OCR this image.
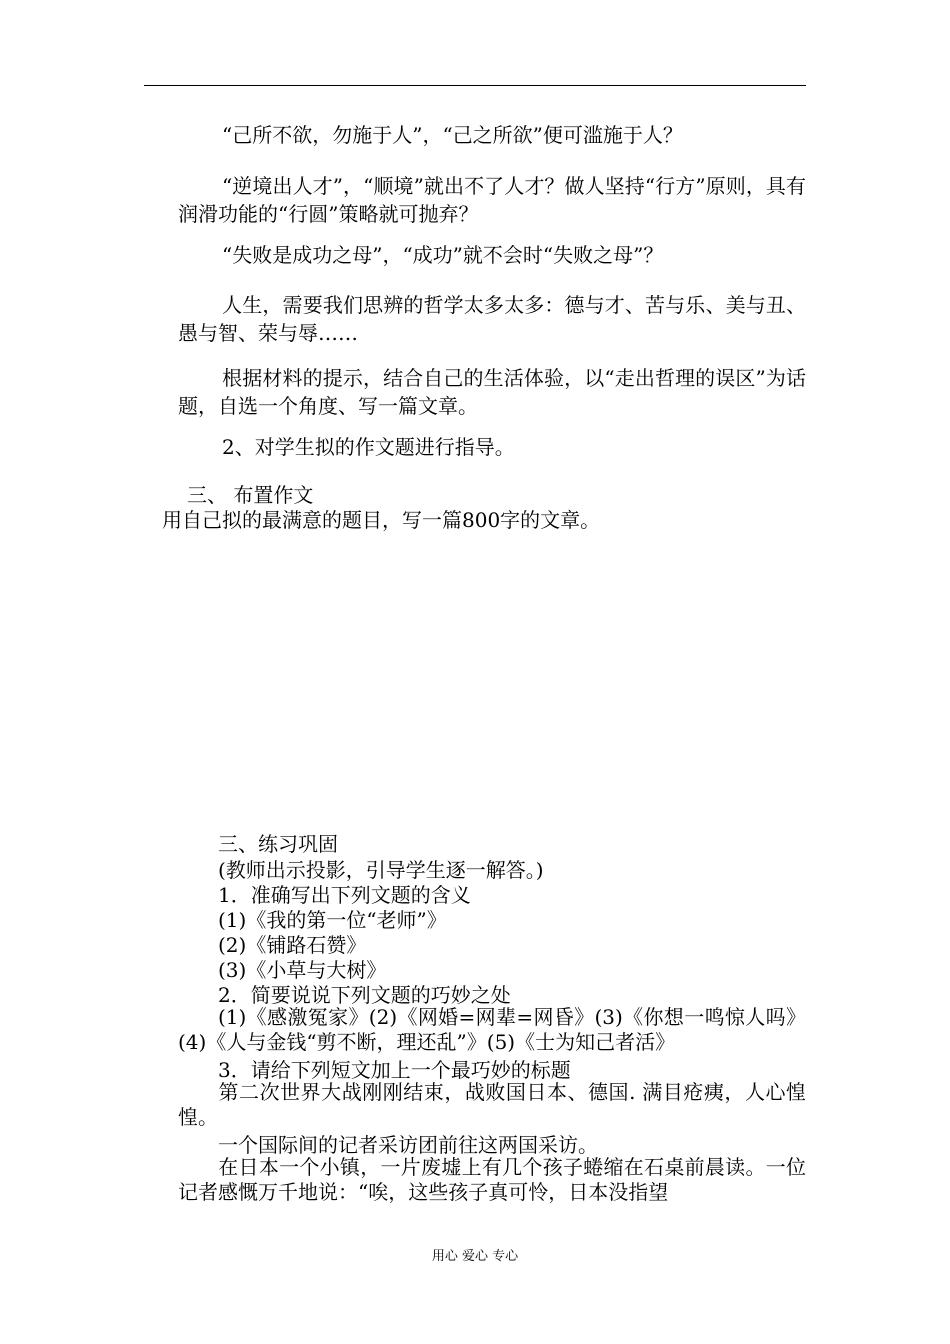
“己所不欲，勿施于人”，“己之所欲”便可滥施于人？

“逆境出人才”，“顺境”就出不了人才？做人坚持“行方”原则，具有润滑功能的“行圆”策略就可抛弃？

“失败是成功之母”，“成功”就不会时“失败之母”？

人生，需要我们思辨的哲学太多太多：德与才、苦与乐、美与丑、愚与智、荣与辱……

根据材料的提示，结合自己的生活体验，以“走出哲理的误区”为话题，自选一个角度、写一篇文章。

2、对学生拟的作文题进行指导。

三、 布置作文

用自己拟的最满意的题目，写一篇800字的文章。

三、练习巩固

(教师出示投影，引导学生逐一解答。)

1．准确写出下列文题的含义

(1)《我的第一位“老师”》

(2)《铺路石赞》

(3)《小草与大树》

2．简要说说下列文题的巧妙之处

(1)《感激冤家》(2)《网婚=网辈=网昏》(3)《你想一鸣惊人吗》(4)《人与金钱“剪不断，理还乱”》(5)《士为知己者活》

3．请给下列短文加上一个最巧妙的标题

第二次世界大战刚刚结束，战败国日本、德国. 满目疮痍，人心惶惶。

一个国际间的记者采访团前往这两国采访。

在日本一个小镇，一片废墟上有几个孩子蜷缩在石桌前晨读。一位记者感慨万千地说：“唉，这些孩子真可怜，日本没指望

用心 爱心 专心
